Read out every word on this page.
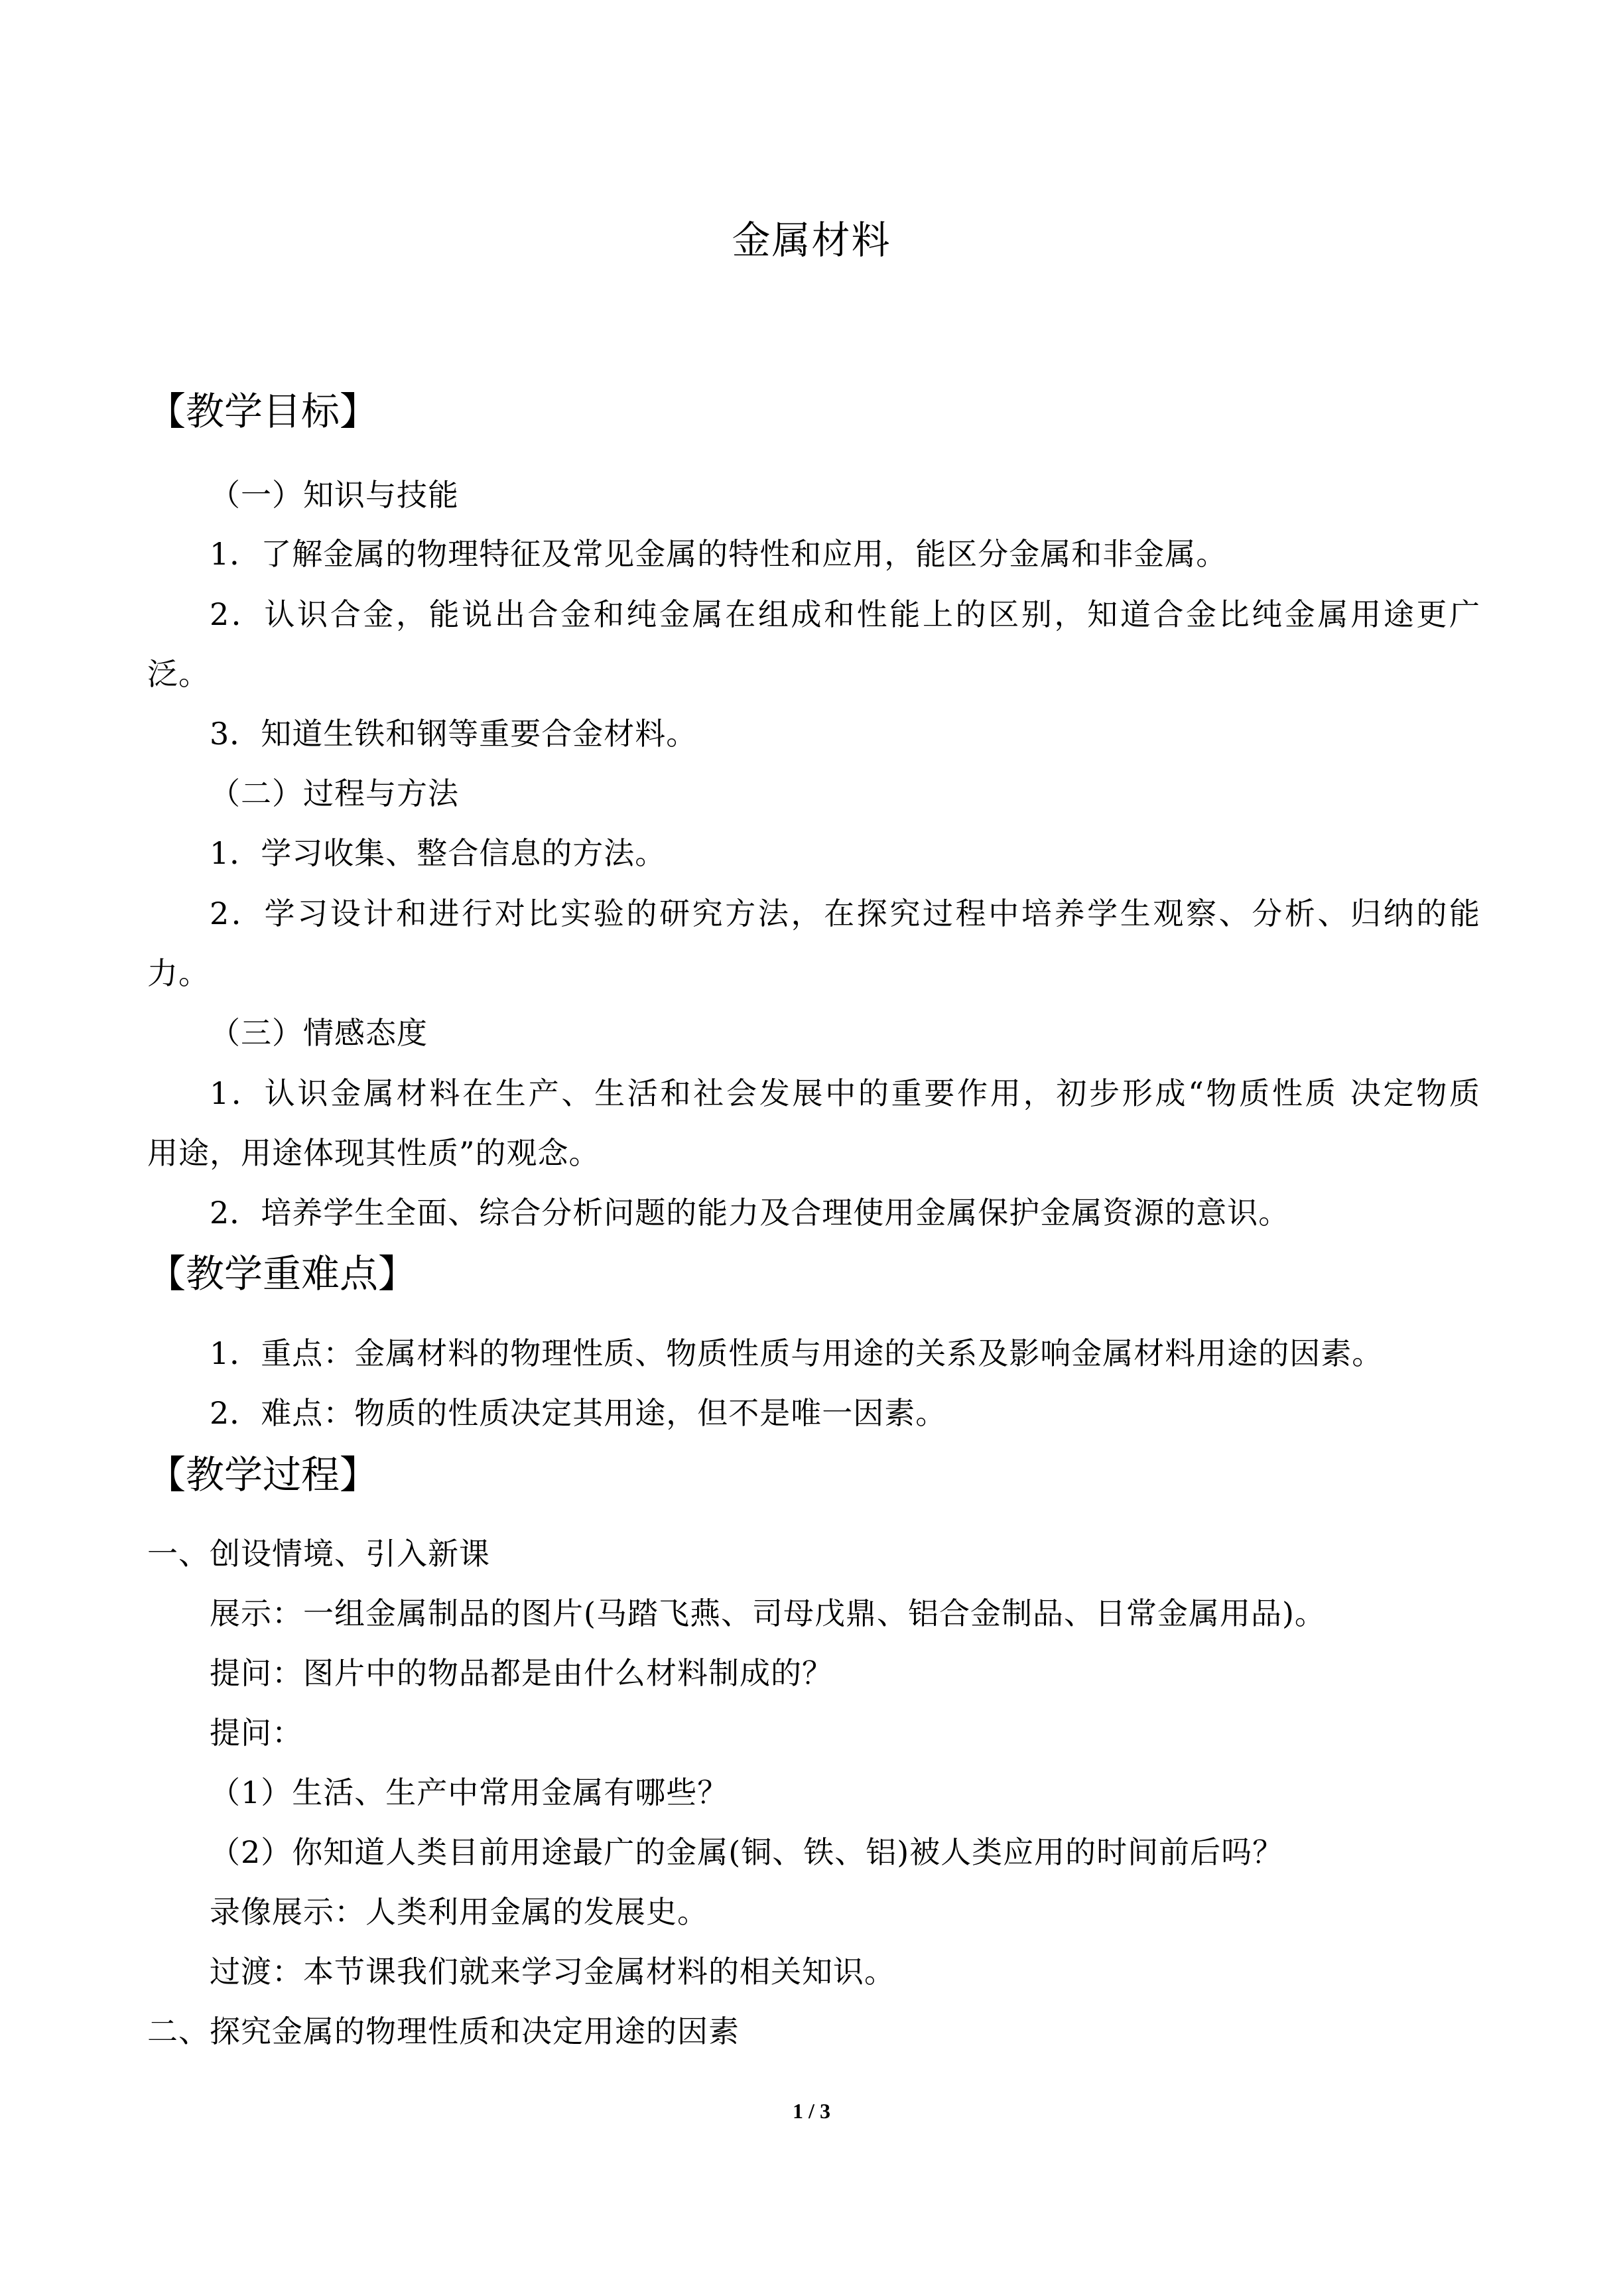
金属材料
【教学目标】
（一）知识与技能
1．了解金属的物理特征及常见金属的特性和应用，能区分金属和非金属。
2．认识合金，能说出合金和纯金属在组成和性能上的区别，知道合金比纯金属用途更广
泛。
3．知道生铁和钢等重要合金材料。
（二）过程与方法
1．学习收集、整合信息的方法。
2．学习设计和进行对比实验的研究方法，在探究过程中培养学生观察、分析、归纳的能
力。
（三）情感态度
1．认识金属材料在生产、生活和社会发展中的重要作用，初步形成“物质性质 决定物质
用途，用途体现其性质”的观念。
2．培养学生全面、综合分析问题的能力及合理使用金属保护金属资源的意识。
【教学重难点】
1．重点：金属材料的物理性质、物质性质与用途的关系及影响金属材料用途的因素。
2．难点：物质的性质决定其用途，但不是唯一因素。
【教学过程】
一、创设情境、引入新课
展示：一组金属制品的图片(马踏飞燕、司母戊鼎、铝合金制品、日常金属用品)。
提问：图片中的物品都是由什么材料制成的？
提问：
（1）生活、生产中常用金属有哪些？
（2）你知道人类目前用途最广的金属(铜、铁、铝)被人类应用的时间前后吗？
录像展示：人类利用金属的发展史。
过渡：本节课我们就来学习金属材料的相关知识。
二、探究金属的物理性质和决定用途的因素
1 / 3
